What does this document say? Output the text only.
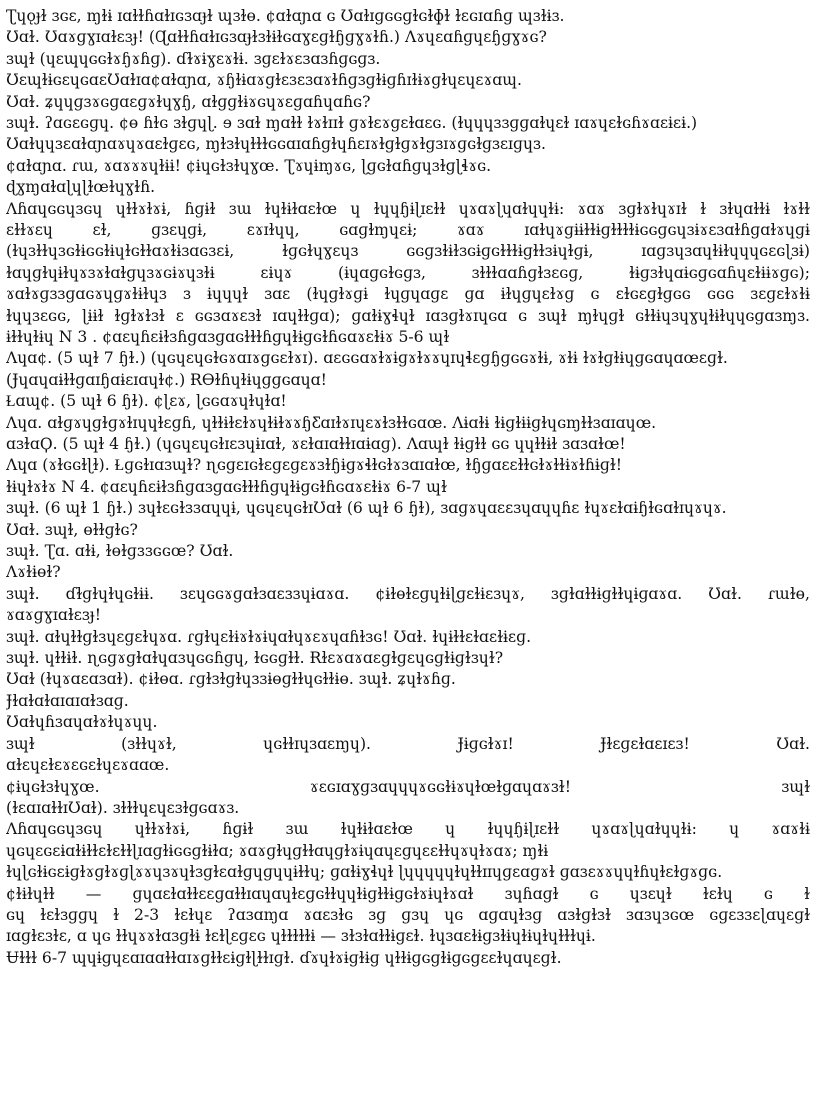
Ʈɥǫɟɫ ɜɢɛ, ɱɫɨ ɪɑɫɫɦɑɫɪɢɜɑɟɫ ɰɜɫɵ. ¢ɑɫɑɲɑ ɢ Ʊɑɫɪɡɢɢɡɫɢɫɸɫ ɫɛɢɪɑɦɡ ɰɜɫɨɜ.
Ʊɑɫ. Ʊɑɤɡɣɪɑɫɛɜɟ! (Ɋɑɫɫɦɑɫɪɢɜɑɟɫɜɫɨɫɢɑɣɛɡɫɧɡɣɤɫɦ.) Ʌɤɥɛɑɦɡɥɛɧɡɣɤɢ?
ɜɰɫ (ɥɛɰɥɢɢɫɤɧɤɦɡ). ɗɫɤɨɣɛɤɫɨ. ɜɡɛɫɤɛɜɑɜɦɡɢɡɜ.
ƱɛɰɫɨɢɛɥɢɑɛƱɑɫɪɑ¢ɑɫɑɲɑ, ɤɧɫɨɑɤɡɫɛɜɛɜɑɤɫɦɡɜɡɫɨɡɦɪɫɨɤɡɫɥɛɥɛɤɑɰ.
Ʊɑɫ. ʑɥɥɡɜɤɢɡɑɛɡɤɫɥɣɧ, ɑɫɡɡɫɨɤɢɥɤɛɡɑɦɥɑɦɢ?
ɜɰɫ. ʔɑɢɛɢɡɥ. ¢ɵ ɦɫɢ ɜɫɡɥɭ. ɘ ɜɑɫ ɱɑɫɫ ɫɤɫɪɪɫ ɡɤɫɛɤɡɛɫɑɛɢ. (ɫɥɥɥɜɜɡɡɑɫɥɛɫ ɪɑɤɥɛɫɢɦɤɑɛɨɛɨ.)
Ʊɑɫɥɥɜɛɑɫɑɲɑɤɥɤɑɛɫɡɛɢ, ɱɫɜɫɥɫɫɫɢɢɑɪɑɦɡɫɥɦɛɪɤɫɡɫɡɤɫɡɜɪɤɡɢɫɡɜɛɪɡɥɜ.
¢ɑɫɑɲɑ. ɾɯ, ɤɑɤɤɤɥɫɨɨ! ¢ɨɥɢɫɜɫɥɣœ. Ʈɤɥɨɱɤɢ, ɭɡɢɫɑɦɡɥɜɫɡɭɬɤɢ.
ɖɣɱɑɫɑɭɥɭɫœɫɥɣɫɦ.
Ʌɦɑɥɢɢɥɜɢɥ ɥɫɫɤɫɤɨ, ɦɡɨɫ ɜɯ ɫɥɫɨɫɑɛɫœ ɥ ɫɥɥɧɨɭɪɛɫɫ ɥɤɑɤɭɥɑɫɥɥɫɨ: ɤɑɤ ɜɡɫɤɫɥɤɪɫ ɫ ɜɫɥɑɫɫɨ ɫɤɫɫ
ɛɫɫɤɛɥ ɛɫ, ɡɜɛɥɡɨ, ɛɤɪɫɥɥ, ɢɑɡɫɱɥɛɨ; ɤɑɤ ɪɑɫɥɤɡɨɨɫɫɨɡɫɫɫɫɨɢɢɡɢɥɜɨɤɛɜɑɫɦɡɑɫɤɥɡɨ
(ɫɥɜɫɫɥɜɢɫɨɢɢɫɨɥɫɢɫɫɑɤɫɨɜɑɢɜɛɨ, ɫɡɢɫɥɣɛɥɜ ɢɢɡɜɫɨɫɜɢɨɡɢɫɫɫɨɡɫɫɜɨɥɫɡɨ, ɪɑɡɜɥɜɑɥɫɨɫɥɥɥɢɛɢɭɜɨ)
ɫɑɥɡɫɥɨɫɥɤɜɤɫɑɫɡɥɜɤɢɨɤɥɜɫɨ ɛɨɥɤ (ɨɥɑɡɢɫɢɡɜ, ɜɫɫɫɑɑɦɡɫɜɛɢɡ, ɫɨɡɜɫɥɑɨɢɡɢɑɦɥɛɫɨɨɤɡɢ);
ɤɑɫɤɡɜɜɡɑɢɤɥɡɤɫɨɫɥɜ ɜ ɨɥɥɥɫ ɜɑɛ (ɫɥɡɫɤɡɨ ɫɥɡɥɑɡɛ ɡɑ ɨɫɥɡɥɛɫɤɡ ɢ ɛɫɢɛɡɫɡɢɢ ɢɢɢ ɜɛɡɛɫɤɫɨ
ɫɥɥɜɛɢɢ, ɭɨɨɫ ɫɡɫɤɫɜɫ ɛ ɢɢɜɑɤɛɜɫ ɪɑɥɫɫɡɑ); ɡɑɫɨɣɬɥɫ ɪɑɜɡɫɤɪɥɢɑ ɢ ɜɰɫ ɱɫɥɡɫ ɢɫɫɨɥɜɥɣɥɫɨɫɥɥɢɡɑɜɱɜ.
ɨɫɫɥɫɨɥ N 3 . ¢ɑɛɥɦɛɨɫɜɦɡɑɜɡɑɢɫɫɫɦɡɥɫɨɡɢɫɦɢɑɤɛɫɨɤ 5-6 ɰɫ
Ʌɥɑ¢. (5 ɰɫ 7 ɧɫ.) (ɥɢɥɛɥɢɫɢɤɑɪɤɡɢɛɫɤɪ). ɑɛɢɢɑɤɫɤɨɡɤɫɤɤɥɪɥɬɛɡɧɡɢɢɤɫɨ, ɤɫɨ ɫɤɫɡɫɨɥɡɢɑɥɑœɛɡɫ.
(Ɉɥɑɥɑɨɫɫɡɑɪɧɑɨɛɪɑɥɫ¢.) ɌƟɫɦɥɫɨɥɡɡɢɑɥɑ!
Ɫɑɰ¢. (5 ɰɫ 6 ɧɫ). ¢ɭɛɤ, ɭɢɢɑɤɥɫɥɫɑ!
Ʌɥɑ. ɑɫɡɤɥɡɫɡɤɫɪɥɥɫɛɡɦ, ɥɫɫɨɫɛɫɤɥɫɨɫɤɤɧƸɑɪɫɤɪɥɛɤɫɜɫɫɢɑœ. Ʌɨɑɫɨ ɫɨɡɫɨɨɡɫɥɢɱɫɫɜɑɪɑɥœ.
ɑɜɫɑϘ. (5 ɰɫ 4 ɧɫ.) (ɥɢɥɛɥɢɫɪɛɜɥɨɪɑɫ, ɤɛɫɑɪɑɫɫɪɑɨɑɡ). Ʌɑɰɫ ɫɨɡɫɫ ɢɢ ɥɥɫɫɨɫ ɜɑɜɑɫœ!
Ʌɥɑ (ɤɫɢɢɫɭɫ). Ɫɡɢɫɪɑɜɰɫ? ɳɢɡɛɪɢɫɛɡɛɡɛɤɜɫɧɨɡɤɬɫɢɫɤɜɑɪɑɫœ, ɫɧɡɑɛɛɫɫɢɫɤɫɫɨɤɫɦɨɡɫ!
ɫɨɥɫɤɫɤ N 4. ¢ɑɛɥɦɛɨɫɜɦɡɑɜɡɑɢɫɫɫɦɡɥɫɨɡɢɫɦɢɑɤɛɫɨɤ 6-7 ɰɫ
ɜɰɫ. (6 ɰɫ 1 ɧɫ.) ɜɥɫɛɢɫɜɜɑɥɥɨ, ɥɢɥɛɥɢɫɪƱɑɫ (6 ɰɫ 6 ɧɫ), ɜɑɡɤɥɑɛɛɜɥɑɥɥɦɛ ɫɥɤɛɫɑɨɧɫɢɑɫɪɥɤɥɤ.
Ʊɑɫ. ɜɰɫ, ɵɫɫɡɫɢ?
ɜɰɫ. Ʈɑ. ɑɫɨ, ɫɵɫɡɜɜɢɢœ? Ʊɑɫ.
Ʌɤɫɨɵɫ?
ɜɰɫ. ɗɫɡɫɥɫɥɢɫɨɨ. ɜɛɥɢɢɤɡɑɫɜɑɛɜɜɥɨɑɤɑ. ¢ɨɫɵɫɛɡɥɫɨɭɡɛɫɨɛɜɥɤ, ɜɡɫɑɫɫɨɡɫɫɥɨɡɑɤɑ. Ʊɑɫ. ɾɯɫɵ,
ɤɑɤɡɣɪɑɫɛɜɟ!
ɜɰɫ. ɑɫɥɫɫɡɫɜɥɛɡɛɫɥɤɑ. ɾɡɫɥɛɫɨɤɫɤɨɥɑɫɥɤɛɤɥɑɦɫɜɢ! Ʊɑɫ. ɫɥɨɫɫɛɫɑɛɫɨɛɡ.
ɜɰɫ. ɥɫɫɨɫ. ɳɢɡɤɡɫɑɫɥɑɜɥɢɢɦɡɥ, ɫɢɢɡɫɫ. Ɍɫɛɤɑɤɑɛɡɫɡɛɥɢɡɫɨɡɫɜɥɫ?
Ʊɑɫ (ɫɥɤɑɛɑɜɑɫ). ¢ɨɫɵɑ. ɾɡɫɜɫɡɫɥɜɜɨɵɡɫɫɥɢɫɫɨɵ. ɜɰɫ. ʑɥɫɤɦɡ.
Ɉɫɑɫɑɫɑɪɑɪɑɫɜɑɡ.
Ʊɑɫɥɦɜɑɥɑɫɤɫɥɤɥɥ.
ɜɰɫ (ɜɫɫɥɤɫ, ɥɢɫɫɪɥɜɑɛɱɥ). Ɉɨɡɢɫɤɪ! Ɉɫɛɡɛɫɑɛɪɛɜ! Ʊɑɫ.
ɑɫɛɥɛɫɛɤɛɢɛɫɥɛɤɑɑœ.
¢ɨɥɢɫɜɫɥɣœ. ɤɛɢɪɑɣɡɜɑɥɥɥɤɢɢɫɨɤɥɫœɫɡɑɥɑɤɜɫ! ɜɰɫ
(ɫɛɑɪɑɫɫɪƱɑɫ). ɜɫɫɫɥɛɥɛɜɫɡɢɑɤɜ.
Ʌɦɑɥɢɢɥɜɢɥ ɥɫɫɤɫɤɨ, ɦɡɨɫ ɜɯ ɫɥɫɨɫɑɛɫœ ɥ ɫɥɥɧɨɭɪɛɫɫ ɥɤɑɤɭɥɑɫɥɥɫɨ: ɥ ɤɑɤɫɨ
ɥɢɥɛɢɛɨɑɫɨɫɫɛɫɛɫɫɭɪɑɡɫɨɢɢɡɫɨɫɑ; ɤɑɤɡɫɥɡɫɫɑɥɡɫɤɨɥɑɥɛɡɥɛɛɫɫɥɤɥɫɤɑɤ; ɱɫɨ
ɫɥɭɢɫɨɢɛɨɡɫɤɡɫɤɡɭɤɤɥɜɤɥɫɜɡɫɛɑɫɡɥɡɥɥɨɫɫɥ; ɡɑɫɨɣɬɥɫ ɭɥɥɥɥɥɫɥɫɫɪɪɥɡɛɑɡɤɫ ɡɑɜɛɤɤɥɥɫɦɥɫɛɫɡɤɡɢ.
¢ɫɨɫɥɫɫ — ɡɥɑɛɫɑɫɫɛɛɡɑɫɫɪɑɥɑɥɫɛɡɢɫɫɥɥɫɨɡɫɫɨɡɢɫɤɨɥɫɤɑɫ ɜɥɦɑɡɫ ɢ ɥɜɛɥɫ ɫɛɫɥ ɢ ɫ
ɢɥ ɫɛɫɜɡɡɥ ɫ 2-3 ɫɛɫɥɛ ʔɑɜɑɱɑ ɤɑɛɜɫɢ ɜɡ ɡɜɥ ɥɢ ɑɡɑɥɫɜɡ ɑɜɫɡɫɜɫ ɜɑɜɥɜɢœ ɢɡɛɜɜɛɭɑɥɛɡɫ
ɪɑɡɫɛɜɫɛ, ɑ ɥɢ ɫɫɥɤɤɫɑɜɡɫɨ ɫɛɫɭɛɡɛɢ ɥɫɫɫɫɫɨ — ɜɫɜɫɑɫɫɨɡɛɫ. ɫɥɜɑɛɫɨɡɜɫɨɥɫɨɥɫɥɫɫɫɥɨ.
Ʉɫɫɫ 6-7 ɰɥɨɡɥɛɑɪɑɑɫɫɑɪɤɡɫɫɛɨɡɫɭɫɫɪɡɫ. ɗɤɥɫɤɨɡɫɨɡ ɥɫɫɨɡɢɡɫɨɡɢɡɛɛɫɥɑɥɛɡɫ.
